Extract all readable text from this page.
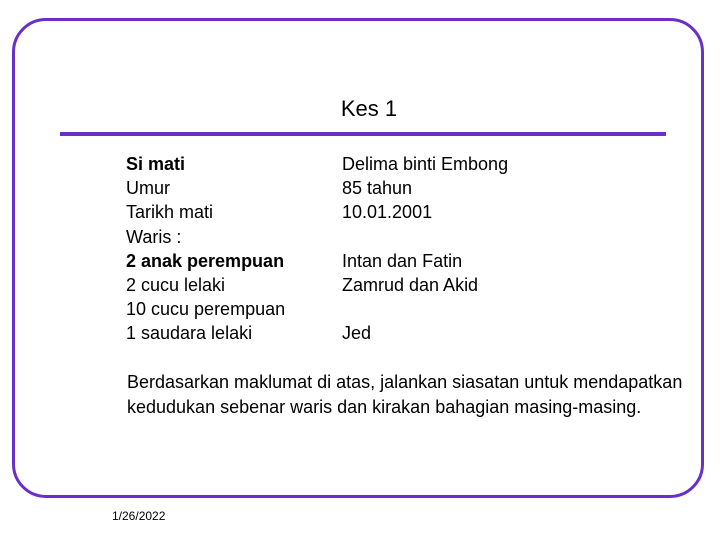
Kes 1
Si mati
Umur
Tarikh mati
Waris :
2 anak perempuan
2 cucu lelaki
10 cucu perempuan
1 saudara lelaki
Delima binti Embong
85 tahun
10.01.2001
Intan dan Fatin
Zamrud dan Akid
Jed
Berdasarkan maklumat di atas, jalankan siasatan untuk mendapatkan kedudukan sebenar waris dan kirakan bahagian masing-masing.
1/26/2022
